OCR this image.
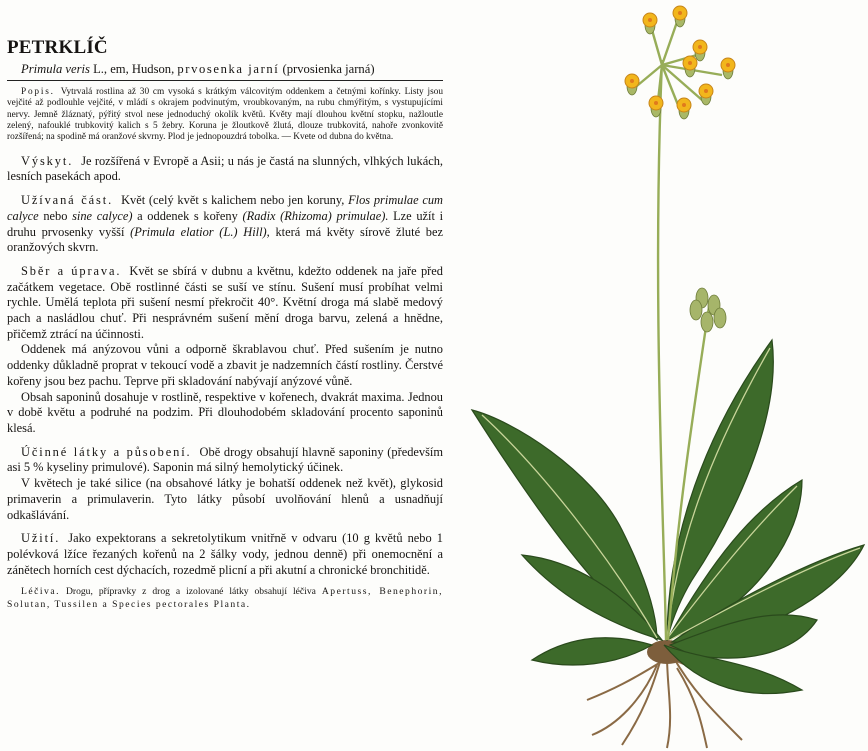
PETRKLÍČ
Primula veris L., em, Hudson, prvosenka jarní (prvosienka jarná)

Popis. Vytrvalá rostlina až 30 cm vysoká s krátkým válcovitým oddenkem a četnými kořínky. Listy jsou vejčité až podlouhle vejčité, v mládí s okrajem podvinutým, vroubkovaným, na rubu chmýřitým, s vystupujícími nervy. Jemně žláznatý, pýřitý stvol nese jednoduchý okolík květů. Květy mají dlouhou květní stopku, nažloutle zelený, nafouklé trubkovitý kalich s 5 žebry. Koruna je žloutkově žlutá, dlouze trubkovitá, nahoře zvonkovitě rozšířená; na spodině má oranžové skvrny. Plod je jednopouzdrá tobolka. — Kvete od dubna do května.

Výskyt. Je rozšířená v Evropě a Asii; u nás je častá na slunných, vlhkých lukách, lesních pasekách apod.

Užívaná část. Květ (celý květ s kalichem nebo jen koruny, Flos primulae cum calyce nebo sine calyce) a oddenek s kořeny (Radix (Rhizoma) primulae). Lze užít i druhu prvosenky vyšší (Primula elatior (L.) Hill), která má květy sírově žluté bez oranžových skvrn.

Sběr a úprava. Květ se sbírá v dubnu a květnu, kdežto oddenek na jaře před začátkem vegetace. Obě rostlinné části se suší ve stínu. Sušení musí probíhat velmi rychle. Umělá teplota při sušení nesmí překročit 40°. Květní droga má slabě medový pach a nasládlou chuť. Při nesprávném sušení mění droga barvu, zelená a hnědne, přičemž ztrácí na účinnosti.

Oddenek má anýzovou vůni a odporně škrablavou chuť. Před sušením je nutno oddenky důkladně proprat v tekoucí vodě a zbavit je nadzemních částí rostliny. Čerstvé kořeny jsou bez pachu. Teprve při skladování nabývají anýzové vůně.

Obsah saponinů dosahuje v rostlině, respektive v kořenech, dvakrát maxima. Jednou v době květu a podruhé na podzim. Při dlouhodobém skladování procento saponinů klesá.

Účinné látky a působení. Obě drogy obsahují hlavně saponiny (především asi 5 % kyseliny primulové). Saponin má silný hemolytický účinek.

V květech je také silice (na obsahové látky je bohatší oddenek než květ), glykosid primaverin a primulaverin. Tyto látky působí uvolňování hlenů a usnadňují odkašlávání.

Užití. Jako expektorans a sekretolytikum vnitřně v odvaru (10 g květů nebo 1 polévková lžíce řezaných kořenů na 2 šálky vody, jednou denně) při onemocnění a zánětech horních cest dýchacích, rozedmě plicní a při akutní a chronické bronchitidě.

Léčiva. Drogu, přípravky z drog a izolované látky obsahují léčiva Apertuss, Benephorin, Solutan, Tussilen a Species pectorales Planta.
